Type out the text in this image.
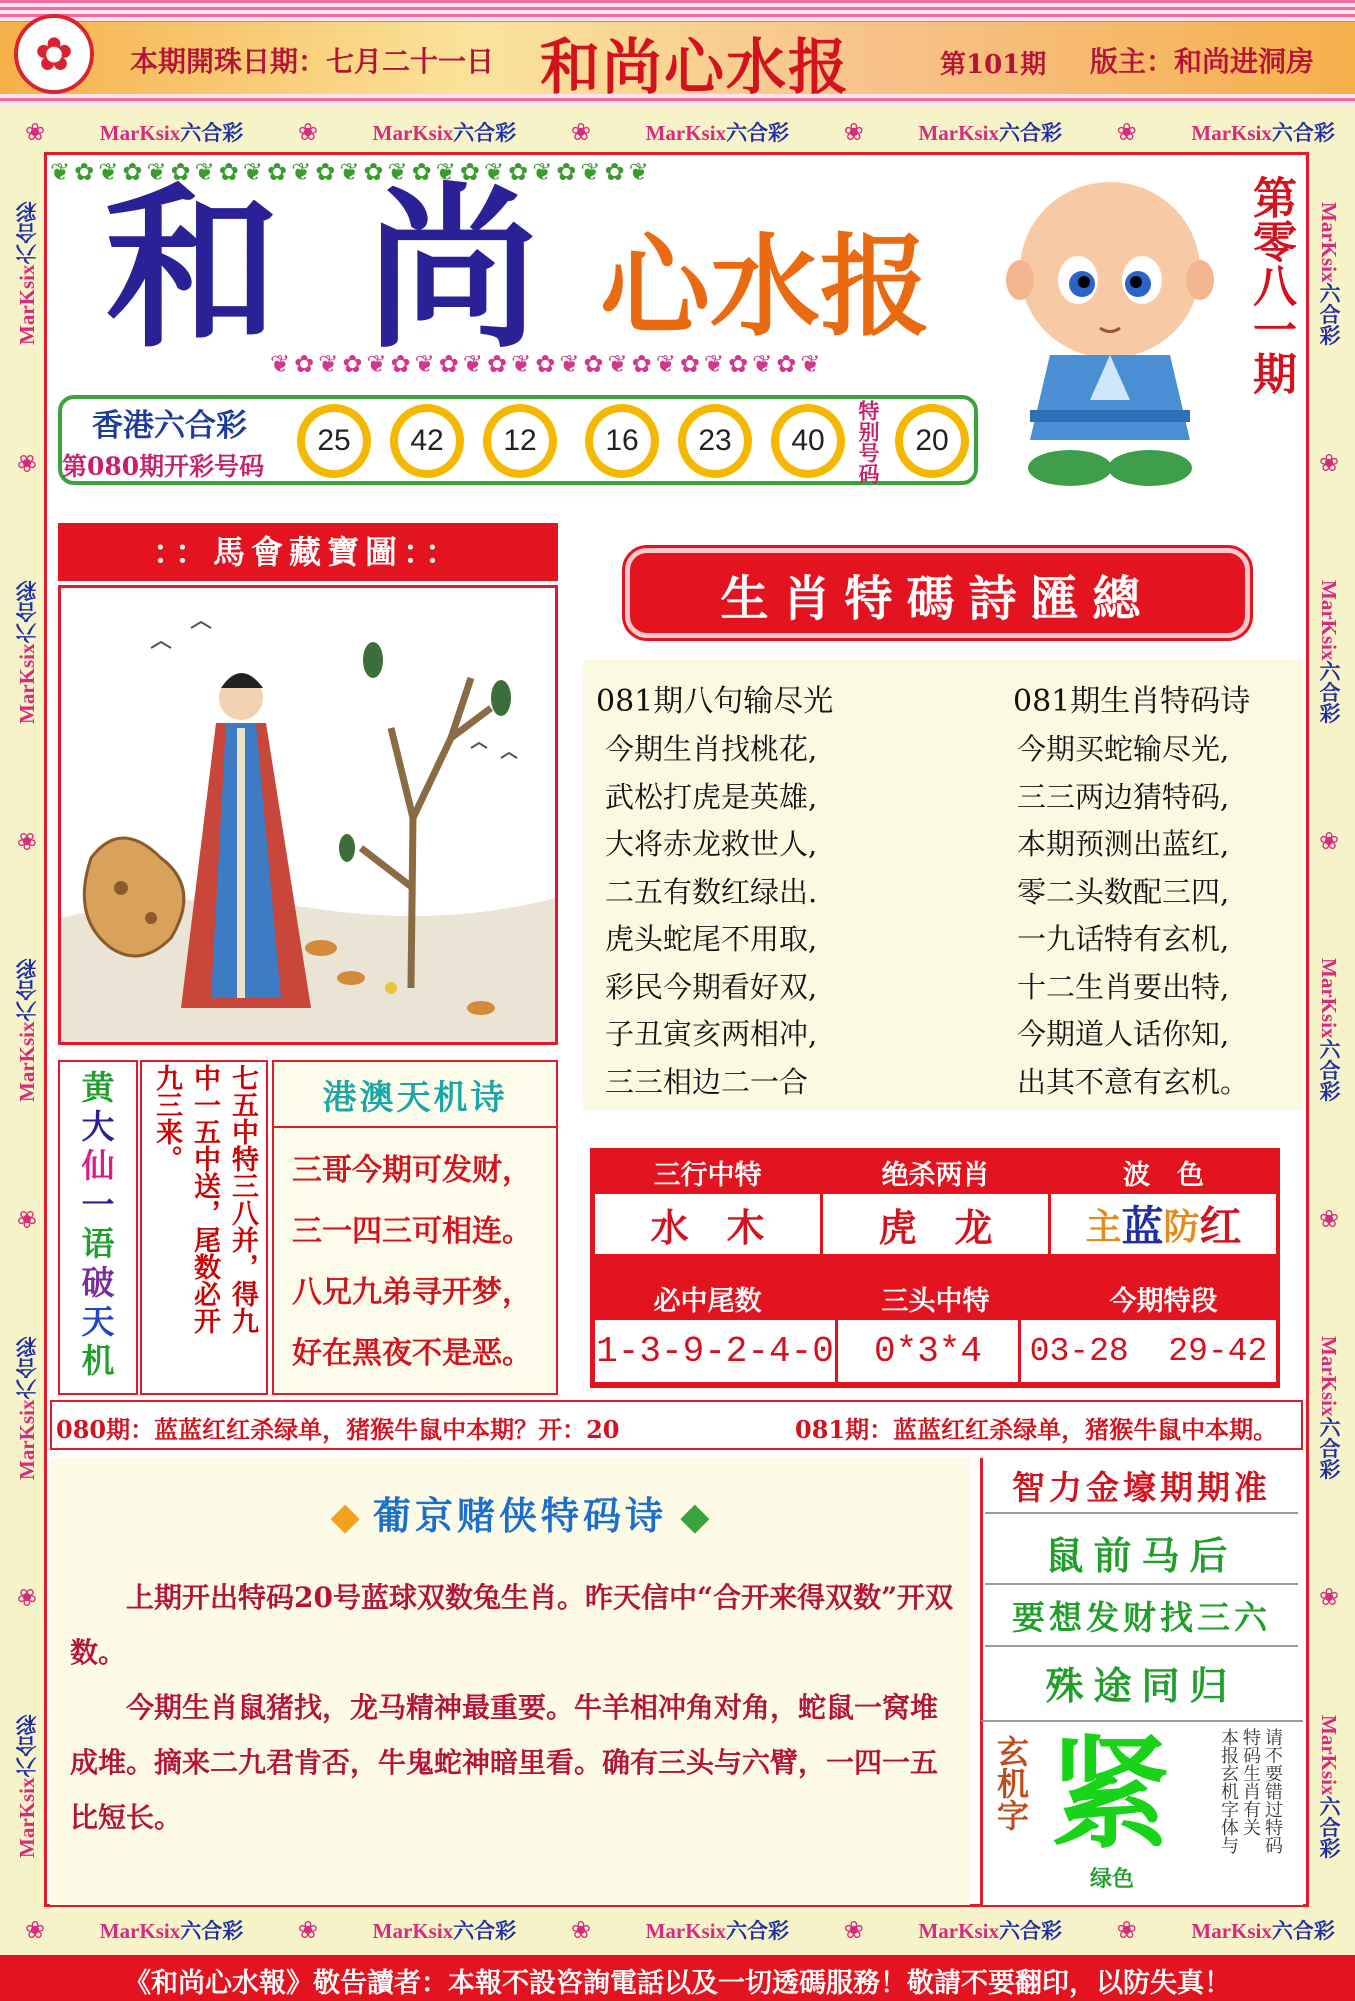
✿	本期開珠日期：七月二十一日 和尚心水报	第101期 版主：和尚进洞房
❀	MarKsix六合彩 ❀	MarKsix六合彩 ❀	MarKsix六合彩 ❀	MarKsix六合彩 ❀	MarKsix六合彩
❀	MarKsix六合彩 ❀	MarKsix六合彩 ❀	MarKsix六合彩 ❀	MarKsix六合彩 ❀	MarKsix六合彩
MarKsix六合彩
❀
MarKsix六合彩
❀
MarKsix六合彩
❀
MarKsix六合彩
❀
MarKsix六合彩	MarKsix六合彩
❀
MarKsix六合彩
❀
MarKsix六合彩
❀
MarKsix六合彩
❀
MarKsix六合彩
❦✿❦✿❦✿❦✿❦✿❦✿❦✿❦✿❦✿❦✿❦✿❦✿❦
和 尚 心水报
❦✿❦✿❦✿❦✿❦✿❦✿❦✿❦✿❦✿❦✿❦✿❦	第零八一期
香港六合彩
第080期开彩号码
25	42	12	16	23	40	特别号码	20
：：馬會藏寶圖：：
生肖特碼詩匯總
081期八句输尽光
今期生肖找桃花,
武松打虎是英雄,
大将赤龙救世人,
二五有数红绿出.
虎头蛇尾不用取,
彩民今期看好双,
子丑寅亥两相冲,
三三相边二一合
081期生肖特码诗
今期买蛇输尽光,
三三两边猜特码,
本期预测出蓝红,
零二头数配三四,
一九话特有玄机,
十二生肖要出特,
今期道人话你知,
出其不意有玄机。
黄
大
仙
一
语
破
天
机
七五中特三八并，得九
中一五中送，尾数必开
九三来。	港澳天机诗
三哥今期可发财，
三一四三可相连。
八兄九弟寻开梦，
好在黑夜不是恶。
三行中特	绝杀两肖	波　色
水　木	虎　龙	主 蓝 防 红
必中尾数	三头中特	今期特段
1-3-9-2-4-0	0*3*4	03-28  29-42
080期：蓝蓝红红杀绿单，猪猴牛鼠中本期？开：20	081期：蓝蓝红红杀绿单，猪猴牛鼠中本期。
◆ 葡京赌侠特码诗 ◆
上期开出特码20号蓝球双数兔生肖。昨天信中“合开来得双数”开双数。
今期生肖鼠猪找，龙马精神最重要。牛羊相冲角对角，蛇鼠一窝堆成堆。摘来二九君肯否，牛鬼蛇神暗里看。确有三头与六臂，一四一五比短长。
智力金壕期期准
鼠前马后
要想发财找三六
殊途同归
玄机字 紧
绿色
请不要错过特码
特码生肖有关
本报玄机字体与
《和尚心水報》敬告讀者：本報不設咨詢電話以及一切透碼服務！敬請不要翻印，以防失真！
